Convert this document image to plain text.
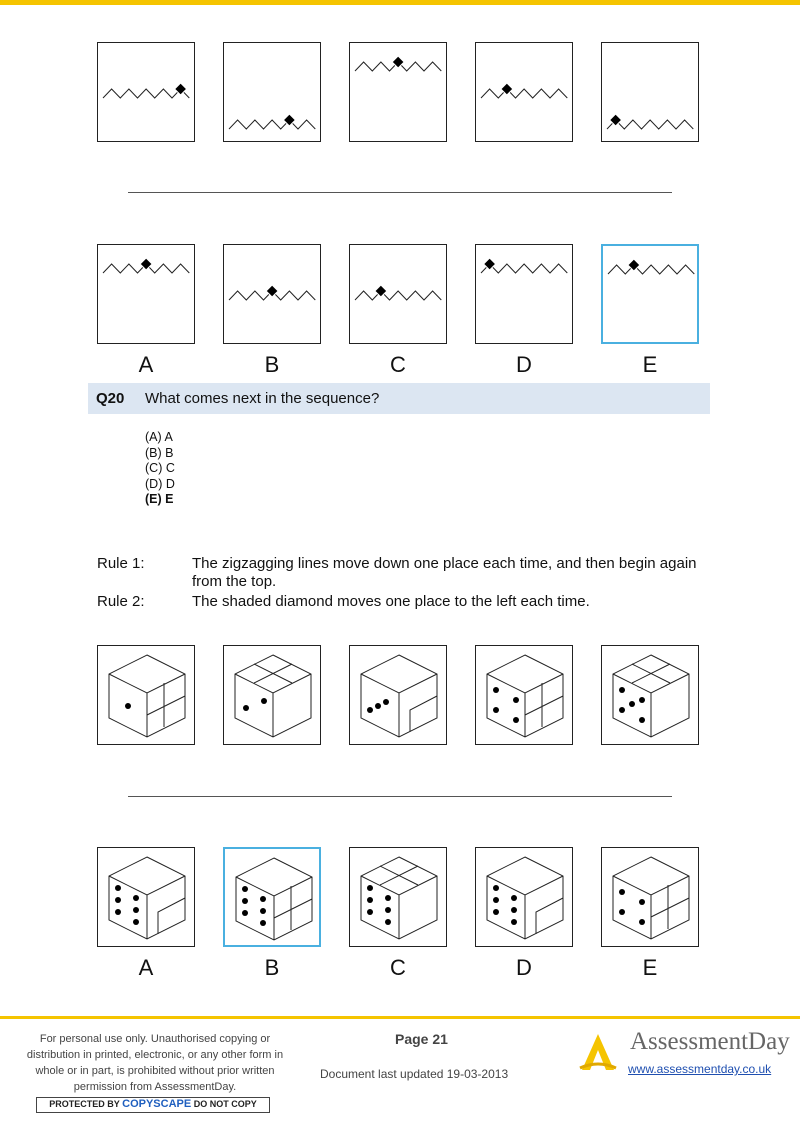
A	B	C	D	E
Q20 What comes next in the sequence?
(A) A
(B) B
(C) C
(D) D
(E) E
Rule 1:	The zigzagging lines move down one place each time, and then begin again from the top.
Rule 2:	The shaded diamond moves one place to the left each time.
A	B	C	D	E
For personal use only. Unauthorised copying or distribution in printed, electronic, or any other form in whole or in part, is prohibited without prior written permission from AssessmentDay.
PROTECTED BY COPYSCAPE DO NOT COPY
Page 21
Document last updated 19-03-2013
AssessmentDay
www.assessmentday.co.uk
